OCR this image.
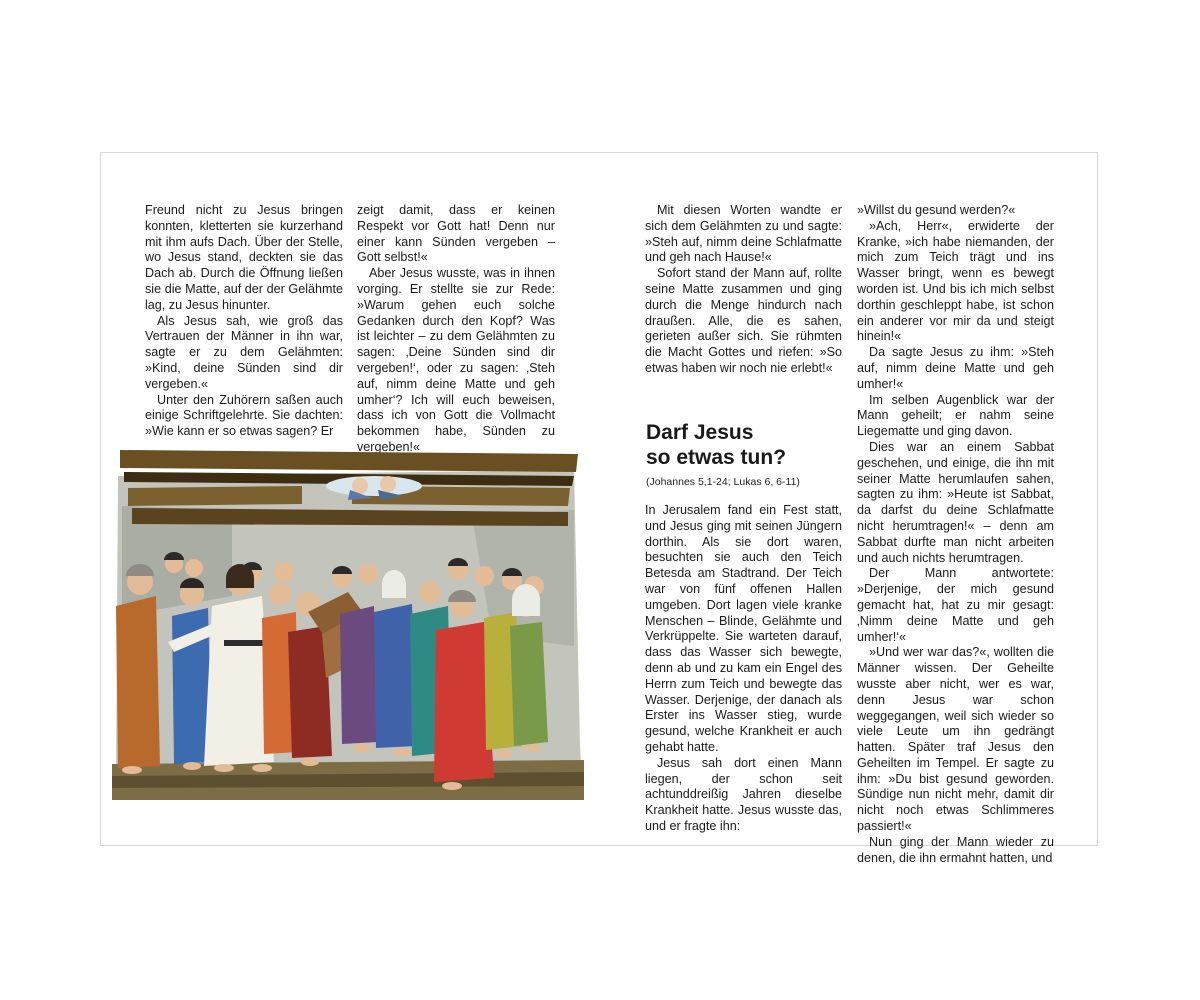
Freund nicht zu Jesus bringen konnten, kletterten sie kurzerhand mit ihm aufs Dach. Über der Stelle, wo Jesus stand, deckten sie das Dach ab. Durch die Öffnung ließen sie die Matte, auf der der Gelähmte lag, zu Jesus hinunter.

Als Jesus sah, wie groß das Vertrauen der Männer in ihn war, sagte er zu dem Gelähmten: »Kind, deine Sünden sind dir vergeben.«

Unter den Zuhörern saßen auch einige Schriftgelehrte. Sie dachten: »Wie kann er so etwas sagen? Er

zeigt damit, dass er keinen Respekt vor Gott hat! Denn nur einer kann Sünden vergeben – Gott selbst!«

Aber Jesus wusste, was in ihnen vorging. Er stellte sie zur Rede: »Warum gehen euch solche Gedanken durch den Kopf? Was ist leichter – zu dem Gelähmten zu sagen: ‚Deine Sünden sind dir vergeben!‘, oder zu sagen: ‚Steh auf, nimm deine Matte und geh umher‘? Ich will euch beweisen, dass ich von Gott die Vollmacht bekommen habe, Sünden zu vergeben!«

Mit diesen Worten wandte er sich dem Gelähmten zu und sagte: »Steh auf, nimm deine Schlafmatte und geh nach Hause!«

Sofort stand der Mann auf, rollte seine Matte zusammen und ging durch die Menge hindurch nach draußen. Alle, die es sahen, gerieten außer sich. Sie rühmten die Macht Gottes und riefen: »So etwas haben wir noch nie erlebt!«

Darf Jesus
so etwas tun?

(Johannes 5,1-24; Lukas 6, 6-11)

In Jerusalem fand ein Fest statt, und Jesus ging mit seinen Jüngern dorthin. Als sie dort waren, besuchten sie auch den Teich Betesda am Stadtrand. Der Teich war von fünf offenen Hallen umgeben. Dort lagen viele kranke Menschen – Blinde, Gelähmte und Verkrüppelte. Sie warteten darauf, dass das Wasser sich bewegte, denn ab und zu kam ein Engel des Herrn zum Teich und bewegte das Wasser. Derjenige, der danach als Erster ins Wasser stieg, wurde gesund, welche Krankheit er auch gehabt hatte.

Jesus sah dort einen Mann liegen, der schon seit achtunddreißig Jahren dieselbe Krankheit hatte. Jesus wusste das, und er fragte ihn:

»Willst du gesund werden?«

»Ach, Herr«, erwiderte der Kranke, »ich habe niemanden, der mich zum Teich trägt und ins Wasser bringt, wenn es bewegt worden ist. Und bis ich mich selbst dorthin geschleppt habe, ist schon ein anderer vor mir da und steigt hinein!«

Da sagte Jesus zu ihm: »Steh auf, nimm deine Matte und geh umher!«

Im selben Augenblick war der Mann geheilt; er nahm seine Liegematte und ging davon.

Dies war an einem Sabbat geschehen, und einige, die ihn mit seiner Matte herumlaufen sahen, sagten zu ihm: »Heute ist Sabbat, da darfst du deine Schlafmatte nicht herumtragen!« – denn am Sabbat durfte man nicht arbeiten und auch nichts herumtragen.

Der Mann antwortete: »Derjenige, der mich gesund gemacht hat, hat zu mir gesagt: ‚Nimm deine Matte und geh umher!‘«

»Und wer war das?«, wollten die Männer wissen. Der Geheilte wusste aber nicht, wer es war, denn Jesus war schon weggegangen, weil sich wieder so viele Leute um ihn gedrängt hatten. Später traf Jesus den Geheilten im Tempel. Er sagte zu ihm: »Du bist gesund geworden. Sündige nun nicht mehr, damit dir nicht noch etwas Schlimmeres passiert!«

Nun ging der Mann wieder zu denen, die ihn ermahnt hatten, und
